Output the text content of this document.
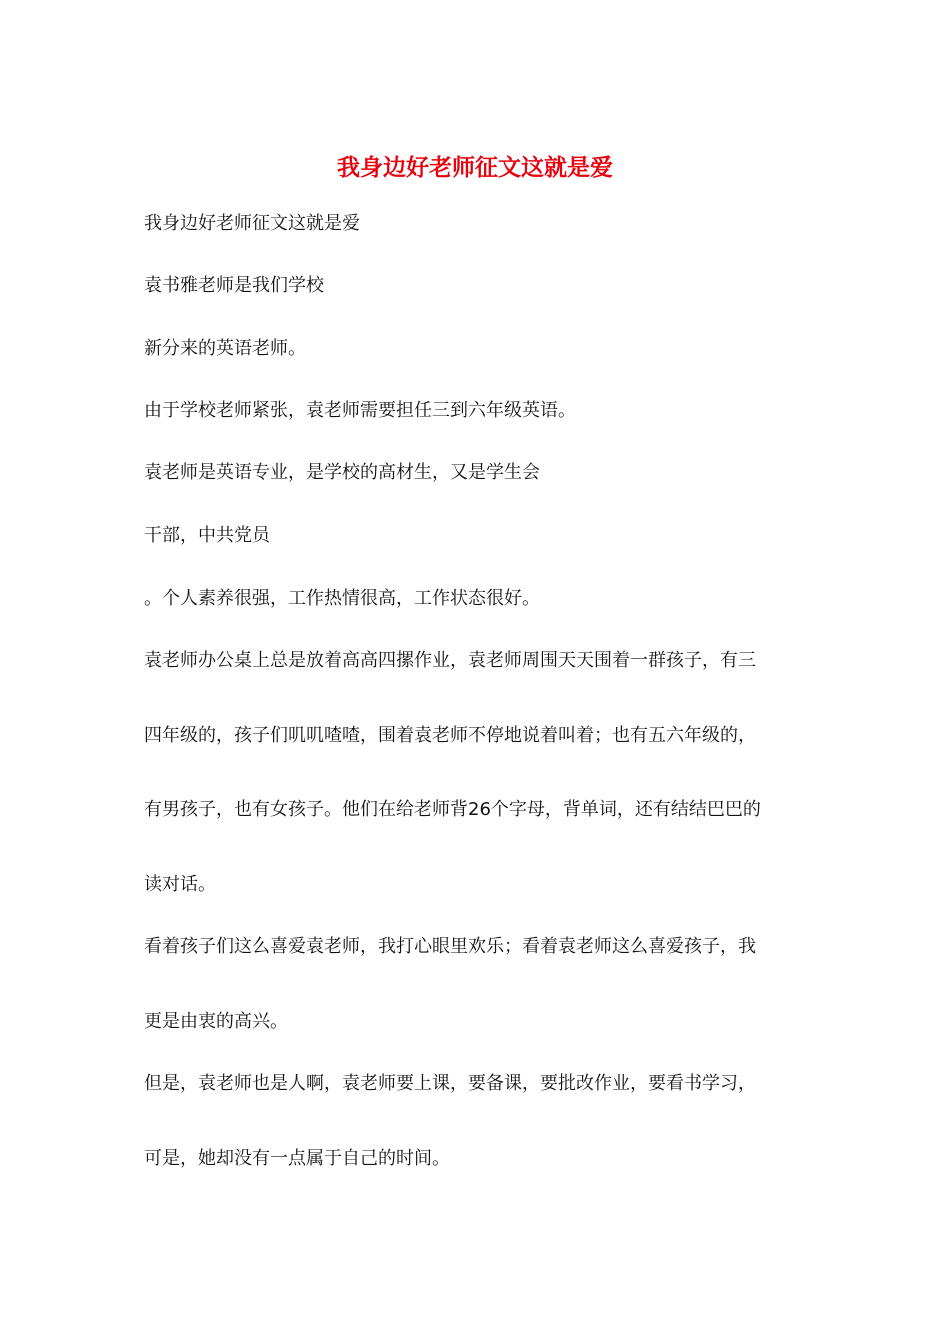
我身边好老师征文这就是爱

我身边好老师征文这就是爱

袁书雅老师是我们学校

新分来的英语老师。

由于学校老师紧张，袁老师需要担任三到六年级英语。

袁老师是英语专业，是学校的高材生，又是学生会

干部，中共党员

。个人素养很强，工作热情很高，工作状态很好。

袁老师办公桌上总是放着高高四摞作业，袁老师周围天天围着一群孩子，有三

四年级的，孩子们叽叽喳喳，围着袁老师不停地说着叫着；也有五六年级的，

有男孩子，也有女孩子。他们在给老师背26个字母，背单词，还有结结巴巴的

读对话。

看着孩子们这么喜爱袁老师，我打心眼里欢乐；看着袁老师这么喜爱孩子，我

更是由衷的高兴。

但是，袁老师也是人啊，袁老师要上课，要备课，要批改作业，要看书学习，

可是，她却没有一点属于自己的时间。
